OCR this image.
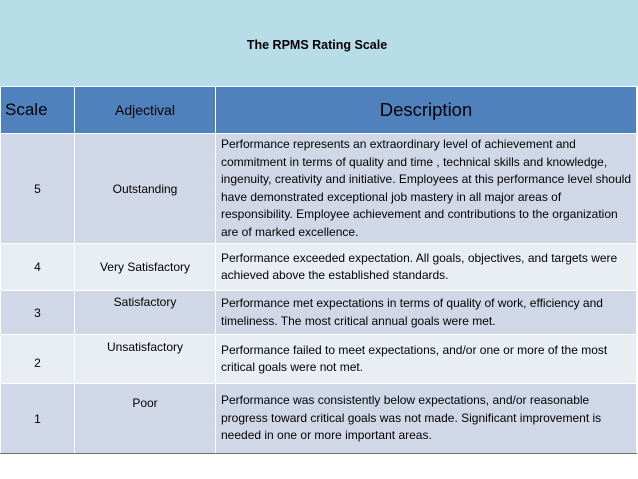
The RPMS Rating Scale
Scale	Adjectival	Description
5	Outstanding	Performance represents an extraordinary level of achievement and commitment in terms of quality and time , technical skills and knowledge, ingenuity, creativity and initiative. Employees at this performance level should have demonstrated exceptional job mastery in all major areas of responsibility. Employee achievement and contributions to the organization are of marked excellence.
4	Very Satisfactory	Performance exceeded expectation. All goals, objectives, and targets were achieved above the established standards.
3	Satisfactory	Performance met expectations in terms of quality of work, efficiency and timeliness. The most critical annual goals were met.
2	Unsatisfactory	Performance failed to meet expectations, and/or one or more of the most critical goals were not met.
1	Poor	Performance was consistently below expectations, and/or reasonable progress toward critical goals was not made. Significant improvement is needed in one or more important areas.
